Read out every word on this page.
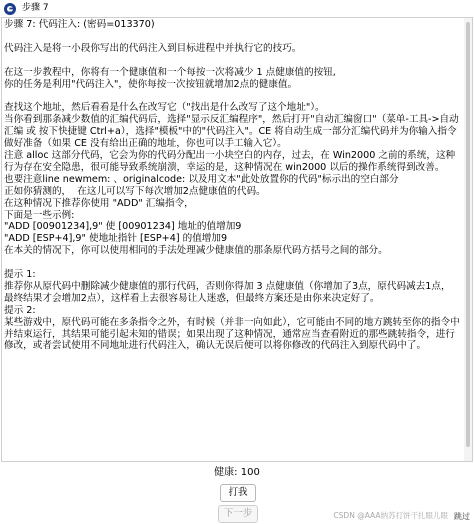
步骤 7
步骤 7: 代码注入: (密码=013370)

代码注入是将一小段你写出的代码注入到目标进程中并执行它的技巧。

在这一步教程中，你将有一个健康值和一个每按一次将减少 1 点健康值的按钮,
你的任务是利用"代码注入"，使你每按一次按钮就增加2点的健康值。

查找这个地址，然后看看是什么在改写它（"找出是什么改写了这个地址"）。
当你看到那条减少数值的汇编代码后，选择"显示反汇编程序"，然后打开"自动汇编窗口"（菜单-工具->自动汇编 或 按下快捷键 Ctrl+a），选择"模板"中的"代码注入"。CE 将自动生成一部分汇编代码并为你输入指令做好准备（如果 CE 没有给出正确的地址，你也可以手工输入它）。
注意 alloc 这部分代码，它会为你的代码分配出一小块空白的内存，过去，在 Win2000 之前的系统，这种行为存在安全隐患，很可能导致系统崩溃，幸运的是，这种情况在 win2000 以后的操作系统得到改善。
也要注意line newmem: 、originalcode: 以及用文本"此处放置你的代码"标示出的空白部分
正如你猜测的，  在这儿可以写下每次增加2点健康值的代码。
在这种情况下推荐你使用 "ADD" 汇编指令，
下面是一些示例:
"ADD [00901234],9" 使 [00901234] 地址的值增加9
"ADD [ESP+4],9" 使地址指针 [ESP+4] 的值增加9
在本关的情况下，你可以使用相同的手法处理减少健康值的那条原代码方括号之间的部分。

提示 1:
推荐你从原代码中删除减少健康值的那行代码，否则你得加 3 点健康值（你增加了3点，原代码减去1点，最终结果才会增加2点），这样看上去很容易让人迷惑，但最终方案还是由你来决定好了。
提示 2:
某些游戏中，原代码可能在多条指令之外，有时候（并非一向如此），它可能由不同的地方跳转至你的指令中并结束运行，其结果可能引起未知的错误；如果出现了这种情况，通常应当查看附近的那些跳转指令，进行修改，或者尝试使用不同地址进行代码注入，确认无误后便可以将你修改的代码注入到原代码中了。
健康: 100
打我
下一步	CSDN @AAA纳苏打饼干扎眼儿眼 跳过
